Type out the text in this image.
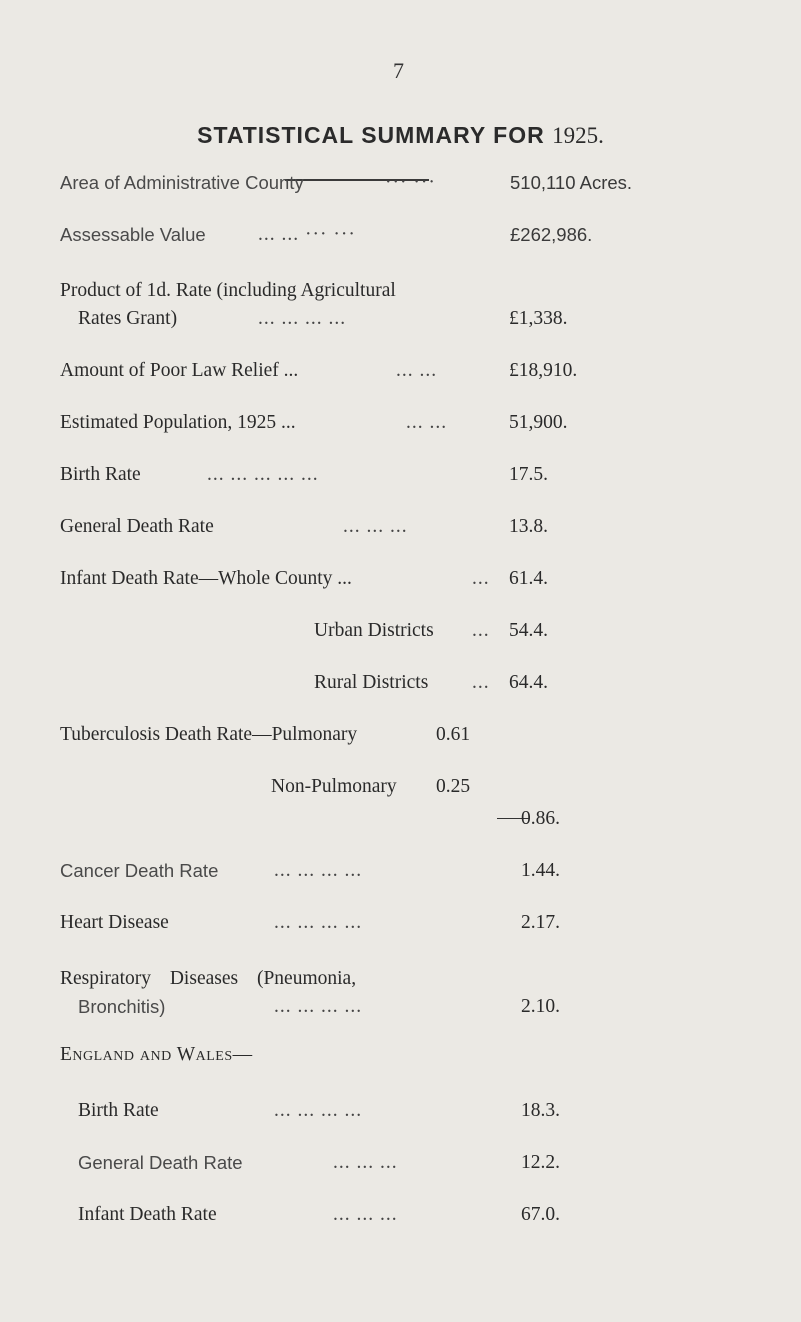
7
STATISTICAL SUMMARY FOR 1925.
Area of Administrative County	··· ···	510,110 Acres.
Assessable Value	... ... ··· ···	£262,986.
Product of 1d. Rate (including Agricultural
Rates Grant)	... ... ... ...	£1,338.
Amount of Poor Law Relief ...	... ...	£18,910.
Estimated Population, 1925 ...	... ...	51,900.
Birth Rate	... ... ... ... ...	17.5.
General Death Rate	... ... ...	13.8.
Infant Death Rate—Whole County ...	... 61.4.
Urban Districts ... 54.4.
Rural Districts ... 64.4.
Tuberculosis Death Rate—Pulmonary	0.61
Non-Pulmonary 0.25
0.86.
Cancer Death Rate	... ... ... ...	1.44.
Heart Disease	... ... ... ...	2.17.
Respiratory Diseases (Pneumonia,
Bronchitis)	... ... ... ...	2.10.
England and Wales—
Birth Rate	... ... ... ...	18.3.
General Death Rate	... ... ...	12.2.
Infant Death Rate	... ... ...	67.0.
